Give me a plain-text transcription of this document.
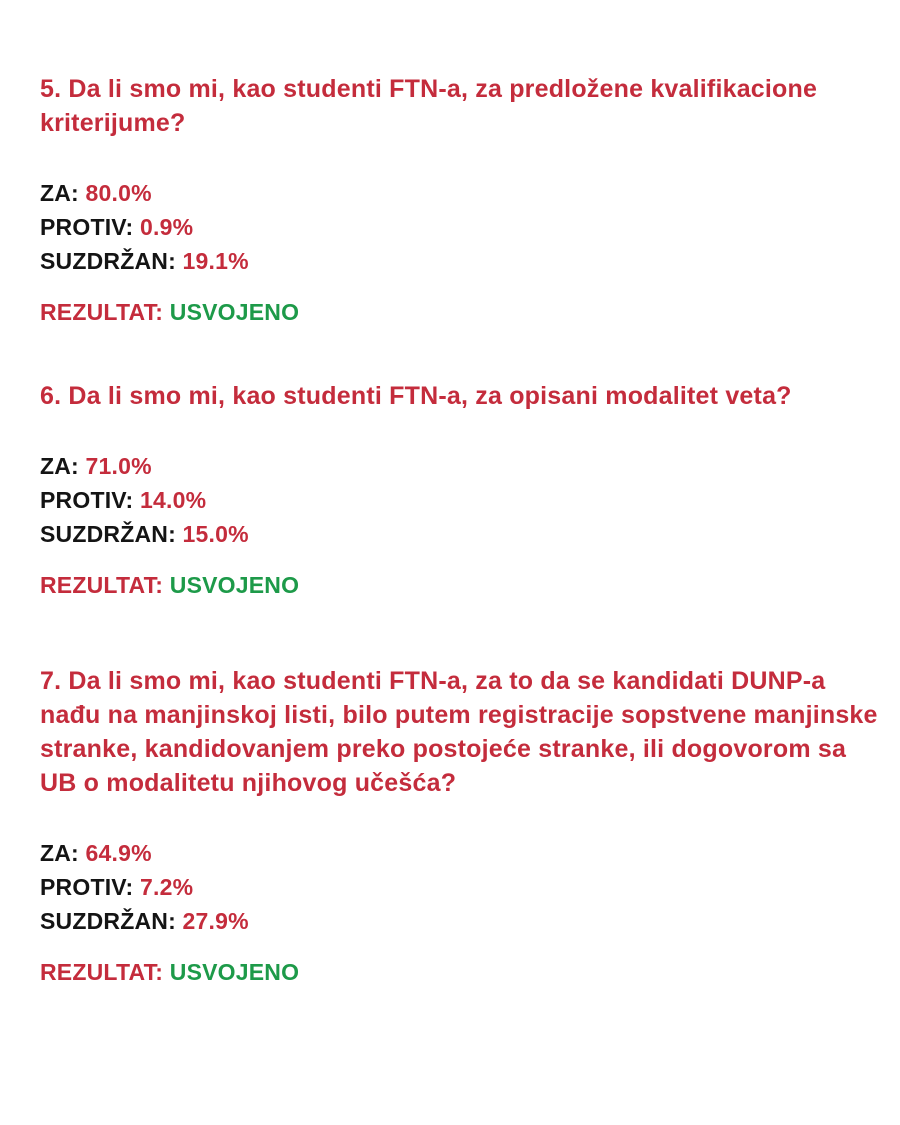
5. Da li smo mi, kao studenti FTN-a, za predložene kvalifikacione kriterijume?

ZA: 80.0%
PROTIV: 0.9%
SUZDRŽAN: 19.1%
REZULTAT: USVOJENO

6. Da li smo mi, kao studenti FTN-a, za opisani modalitet veta?

ZA: 71.0%
PROTIV: 14.0%
SUZDRŽAN: 15.0%
REZULTAT: USVOJENO

7. Da li smo mi, kao studenti FTN-a, za to da se kandidati DUNP-a nađu na manjinskoj listi, bilo putem registracije sopstvene manjinske stranke, kandidovanjem preko postojeće stranke, ili dogovorom sa UB o modalitetu njihovog učešća?

ZA: 64.9%
PROTIV: 7.2%
SUZDRŽAN: 27.9%
REZULTAT: USVOJENO
